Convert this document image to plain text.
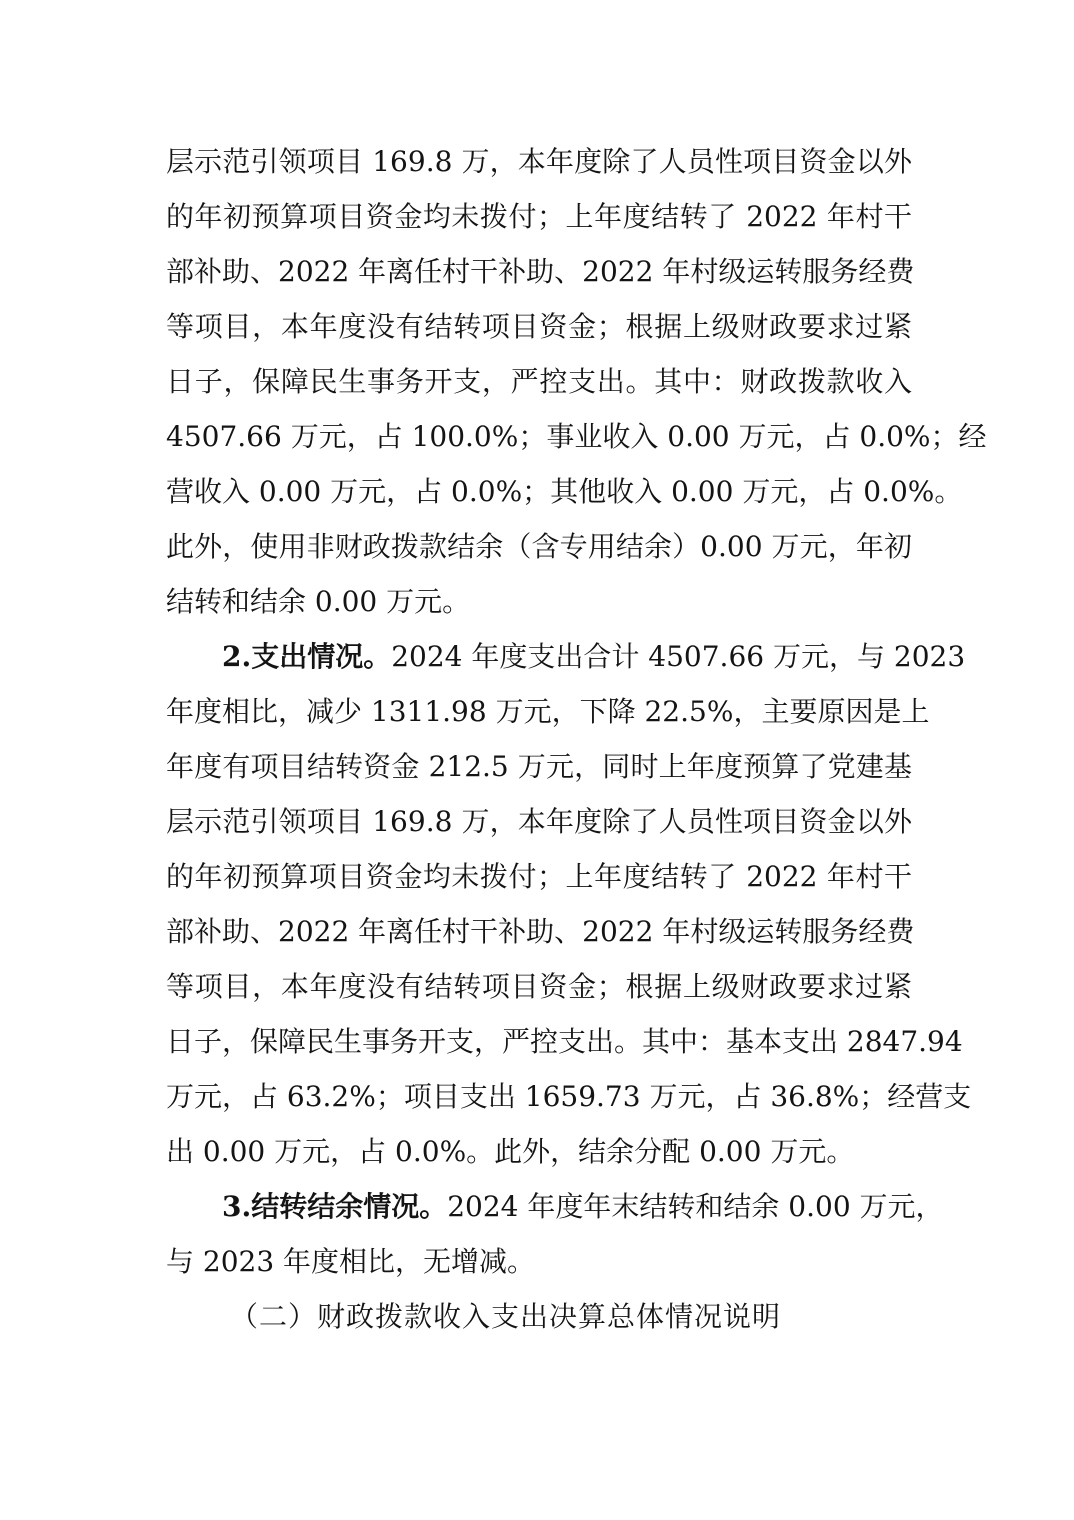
层示范引领项目 169.8 万，本年度除了人员性项目资金以外
的年初预算项目资金均未拨付；上年度结转了 2022 年村干
部补助、2022 年离任村干补助、2022 年村级运转服务经费
等项目，本年度没有结转项目资金；根据上级财政要求过紧
日子，保障民生事务开支，严控支出。其中：财政拨款收入
4507.66 万元，占 100.0%；事业收入 0.00 万元，占 0.0%；经
营收入 0.00 万元，占 0.0%；其他收入 0.00 万元，占 0.0%。
此外，使用非财政拨款结余（含专用结余）0.00 万元，年初
结转和结余 0.00 万元。
2.支出情况。2024 年度支出合计 4507.66 万元，与 2023
年度相比，减少 1311.98 万元，下降 22.5%，主要原因是上
年度有项目结转资金 212.5 万元，同时上年度预算了党建基
层示范引领项目 169.8 万，本年度除了人员性项目资金以外
的年初预算项目资金均未拨付；上年度结转了 2022 年村干
部补助、2022 年离任村干补助、2022 年村级运转服务经费
等项目，本年度没有结转项目资金；根据上级财政要求过紧
日子，保障民生事务开支，严控支出。其中：基本支出 2847.94
万元，占 63.2%；项目支出 1659.73 万元，占 36.8%；经营支
出 0.00 万元，占 0.0%。此外，结余分配 0.00 万元。
3.结转结余情况。2024 年度年末结转和结余 0.00 万元，
与 2023 年度相比，无增减。
（二）财政拨款收入支出决算总体情况说明
